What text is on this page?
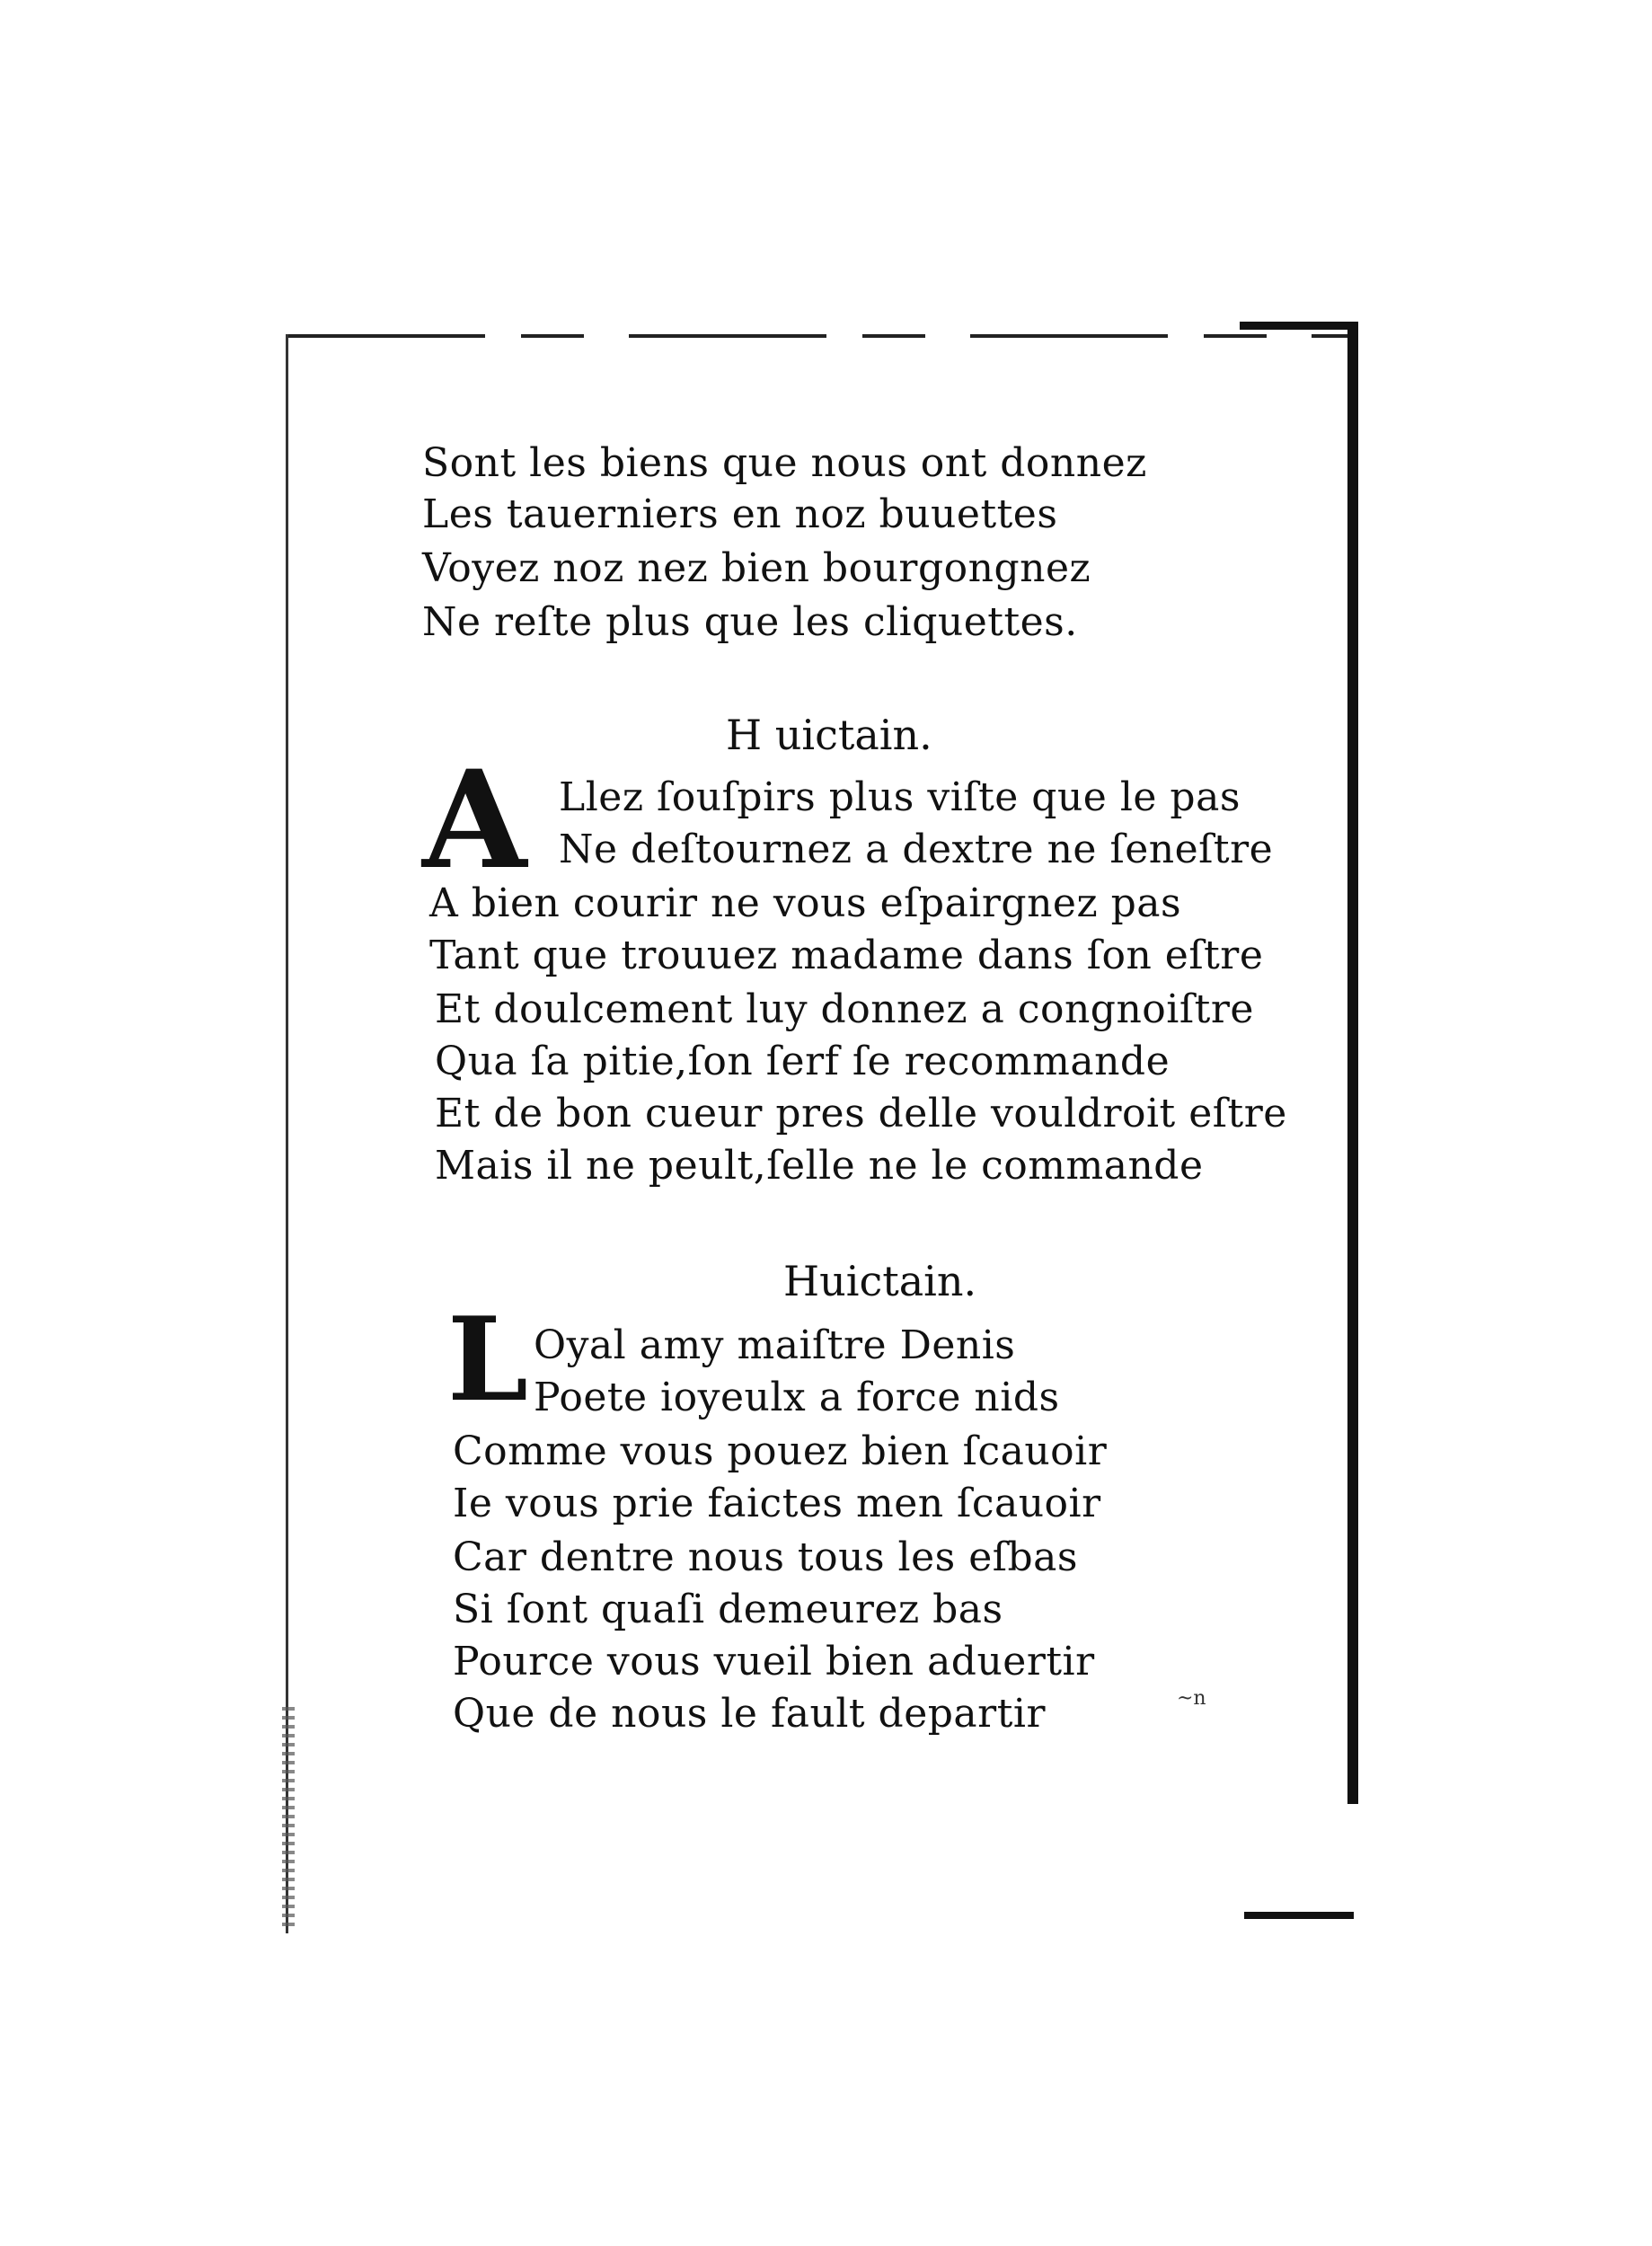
Sont les biens que nous ont donnez
Les tauerniers en noz buuettes
Voyez noz nez bien bourgongnez
Ne reſte plus que les cliquettes.
H uictain.
A Llez ſouſpirs plus viſte que le pas
Ne deſtournez a dextre ne ſeneſtre
A bien courir ne vous eſpairgnez pas
Tant que trouuez madame dans ſon eſtre
Et doulcement luy donnez a congnoiſtre
Qua ſa pitie,ſon ſerf ſe recommande
Et de bon cueur pres delle vouldroit eſtre
Mais il ne peult,ſelle ne le commande
Huictain.
L Oyal amy maiſtre Denis
Poete ioyeulx a force nids
Comme vous pouez bien ſcauoir
Ie vous prie faictes men ſcauoir
Car dentre nous tous les eſbas
Si ſont quaſi demeurez bas
Pource vous vueil bien aduertir
Que de nous le fault departir	~n
